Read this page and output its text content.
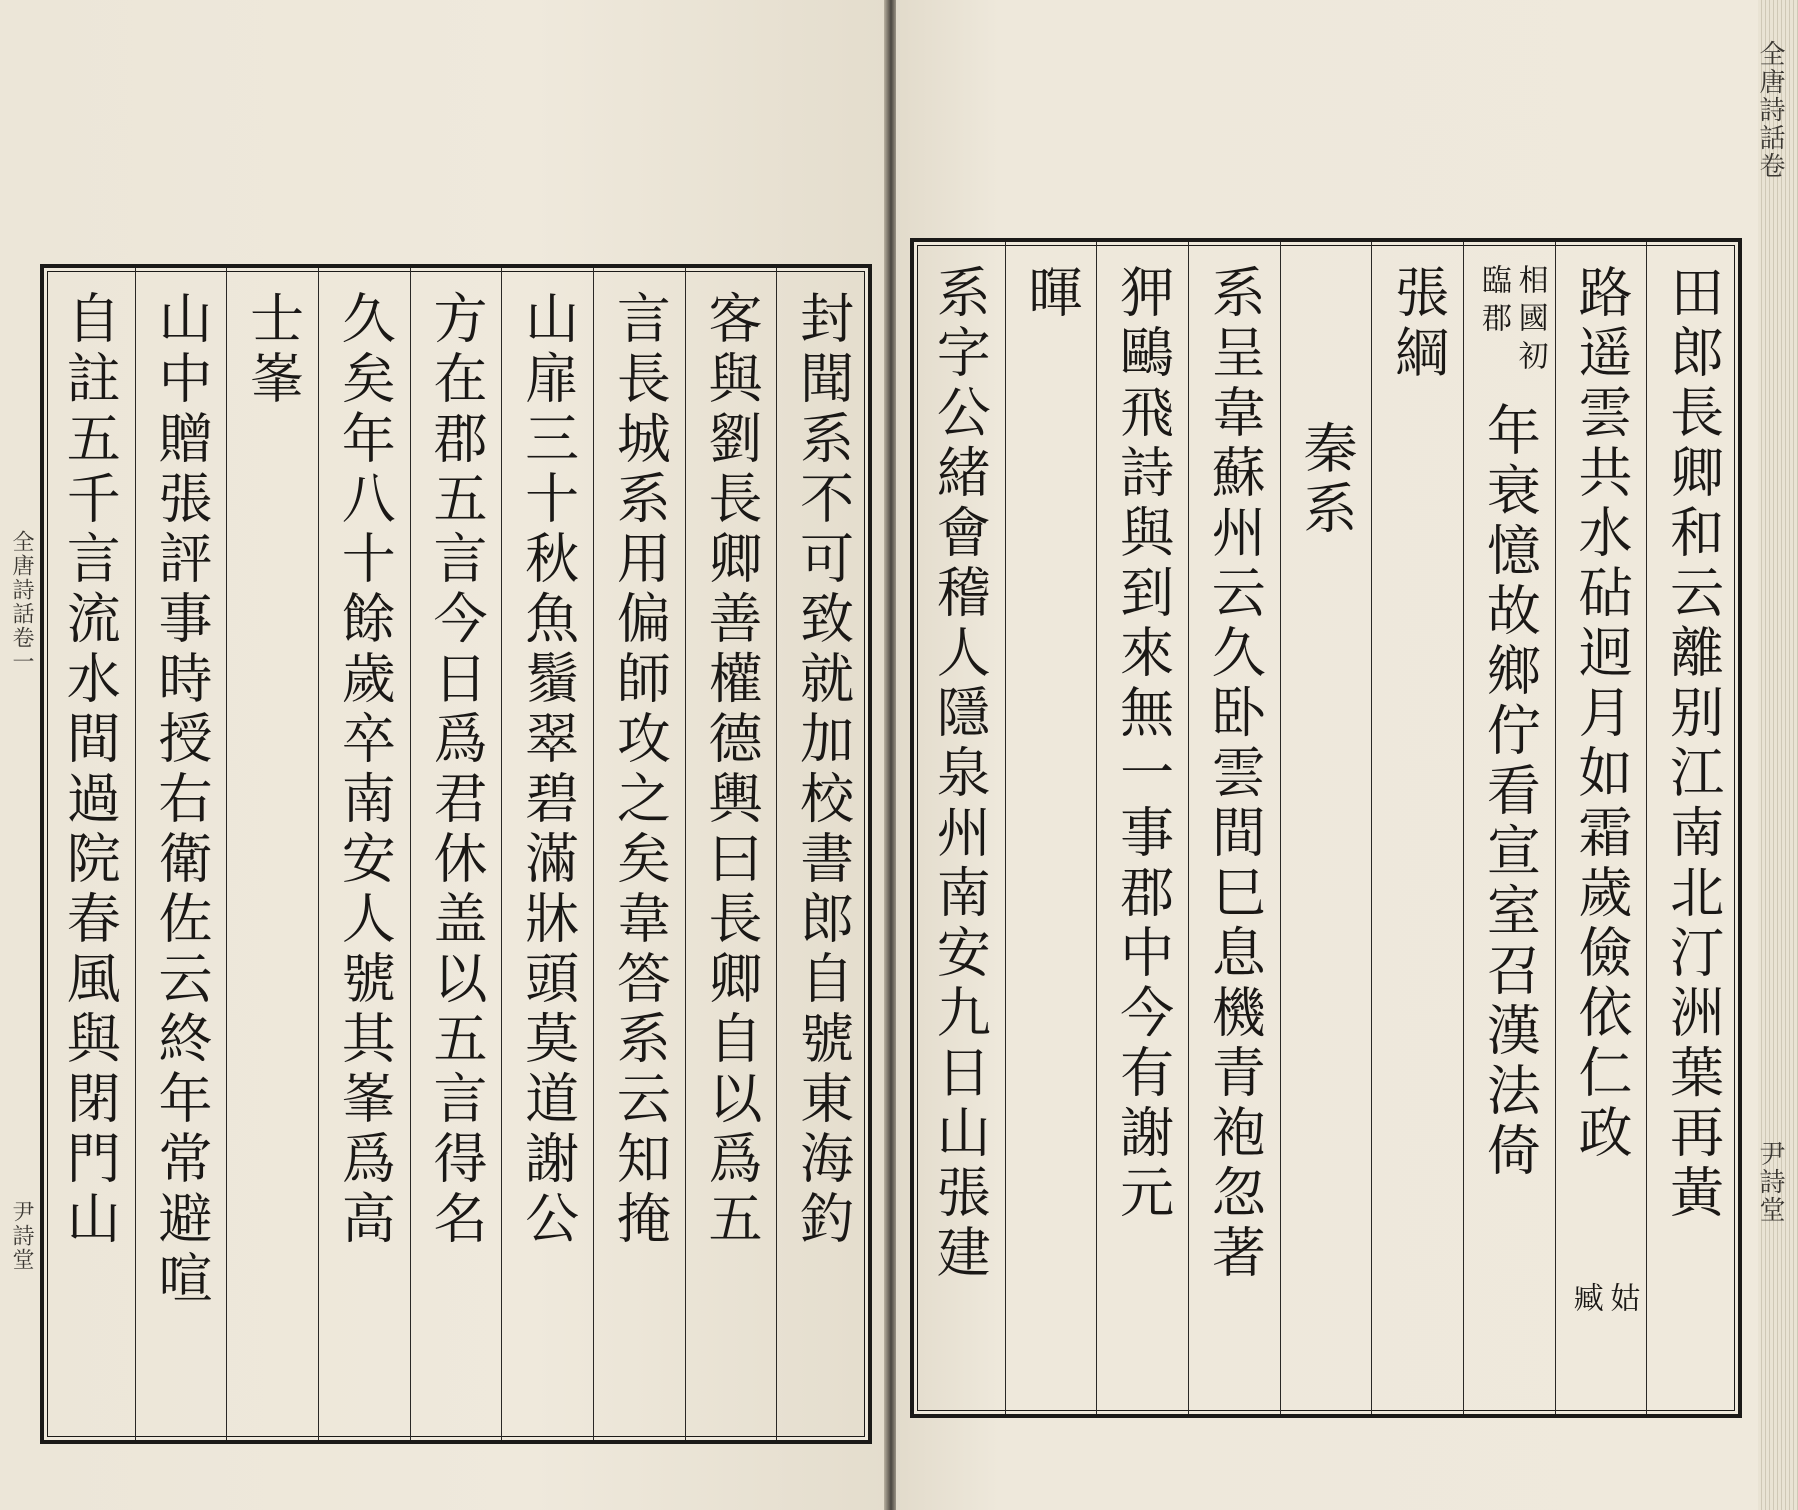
全唐詩話卷一
尹詩堂	封聞系不可致就加校書郎自號東海釣
客與劉長卿善權德輿曰長卿自以爲五
言長城系用偏師攻之矣韋答系云知掩
山扉三十秋魚鬚翠碧滿牀頭莫道謝公
方在郡五言今日爲君休盖以五言得名
久矣年八十餘歲卒南安人號其峯爲高
士峯
山中贈張評事時授右衛佐云終年常避喧
自註五千言流水間過院春風與閉門山	田郎長卿和云離别江南北汀洲葉再黃
路遥雲共水砧迥月如霜歲儉依仁政
姑
臧
相國初
臨郡
年衰憶故鄉佇看宣室召漢法倚
張綱
秦系
系呈韋蘇州云久卧雲間巳息機青袍忽著
狎鷗飛詩與到來無一事郡中今有謝元
暉
系字公緒會稽人隱泉州南安九日山張建
全唐詩話卷
尹詩堂
